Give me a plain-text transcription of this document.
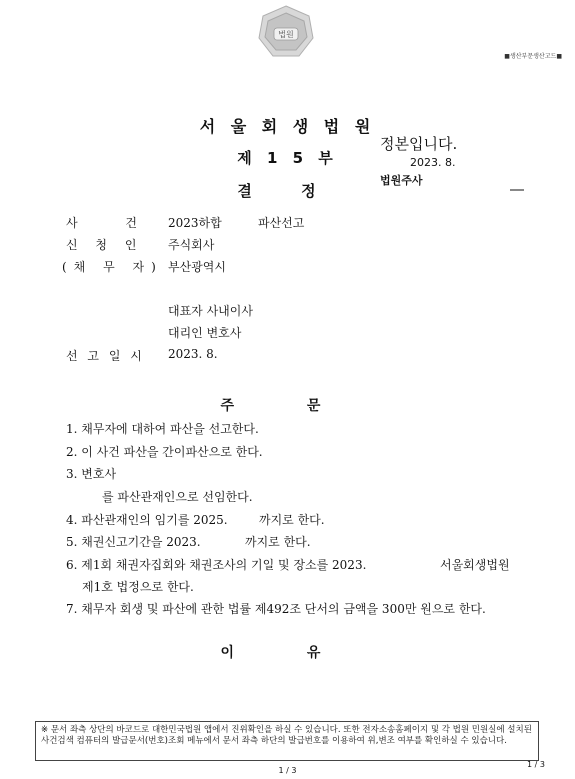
법원
■생산부문생산고드■
서 울 회 생 법 원
제 1 5 부
결 정
정본입니다.
2023. 8.
법원주사
사 건 2023하합	파산선고
신 청 인 주식회사
(채 무 자) 부산광역시
대표자 사내이사
대리인 변호사
선 고 일 시 2023. 8.
주 문
1. 채무자에 대하여 파산을 선고한다.
2. 이 사건 파산을 간이파산으로 한다.
3. 변호사
를 파산관재인으로 선임한다.
4. 파산관재인의 임기를 2025.	까지로 한다.
5. 채권신고기간을 2023.	까지로 한다.
6. 제1회 채권자집회와 채권조사의 기일 및 장소를 2023.	서울회생법원
제1호 법정으로 한다.
7. 채무자 회생 및 파산에 관한 법률 제492조 단서의 금액을 300만 원으로 한다.
이 유
※ 문서 좌측 상단의 바코드로 대한민국법원 앱에서 진위확인을 하실 수 있습니다. 또한 전자소송홈페이지 및 각 법원 민원실에 설치된 사건검색 컴퓨터의 발급문서(번호)조회 메뉴에서 문서 좌측 하단의 발급번호를 이용하여 위,변조 여부를 확인하실 수 있습니다.
1 / 3
1 / 3
